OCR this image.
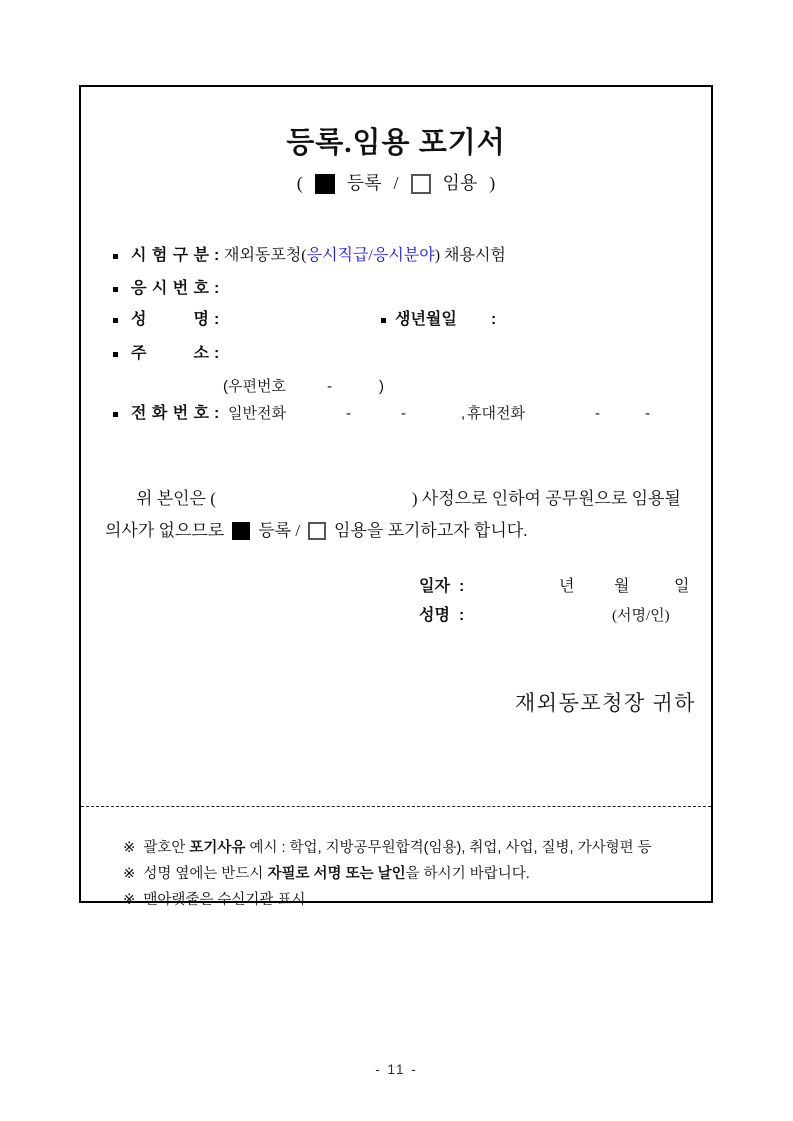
등록.임용 포기서
( 등록 / 임용 )
시 험 구 분 : 재외동포청(응시직급/응시분야) 채용시험
응 시 번 호 :
성	명 :	생년월일 :
주	소 :
(우편번호	-	)
전 화 번 호 : 일반전화	-	-	, 휴대전화	-	-
위 본인은 (	) 사정으로 인하여 공무원으로 임용될
의사가 없으므로 등록 / 임용을 포기하고자 합니다.
일자 :	년 월	일
성명 :	(서명/인)
재외동포청장 귀하

※ 괄호안 포기사유 예시 : 학업, 지방공무원합격(임용), 취업, 사업, 질병, 가사형편 등

※ 성명 옆에는 반드시 자필로 서명 또는 날인을 하시기 바랍니다.

※ 맨아랫줄은 수신기관 표시

- 11 -
